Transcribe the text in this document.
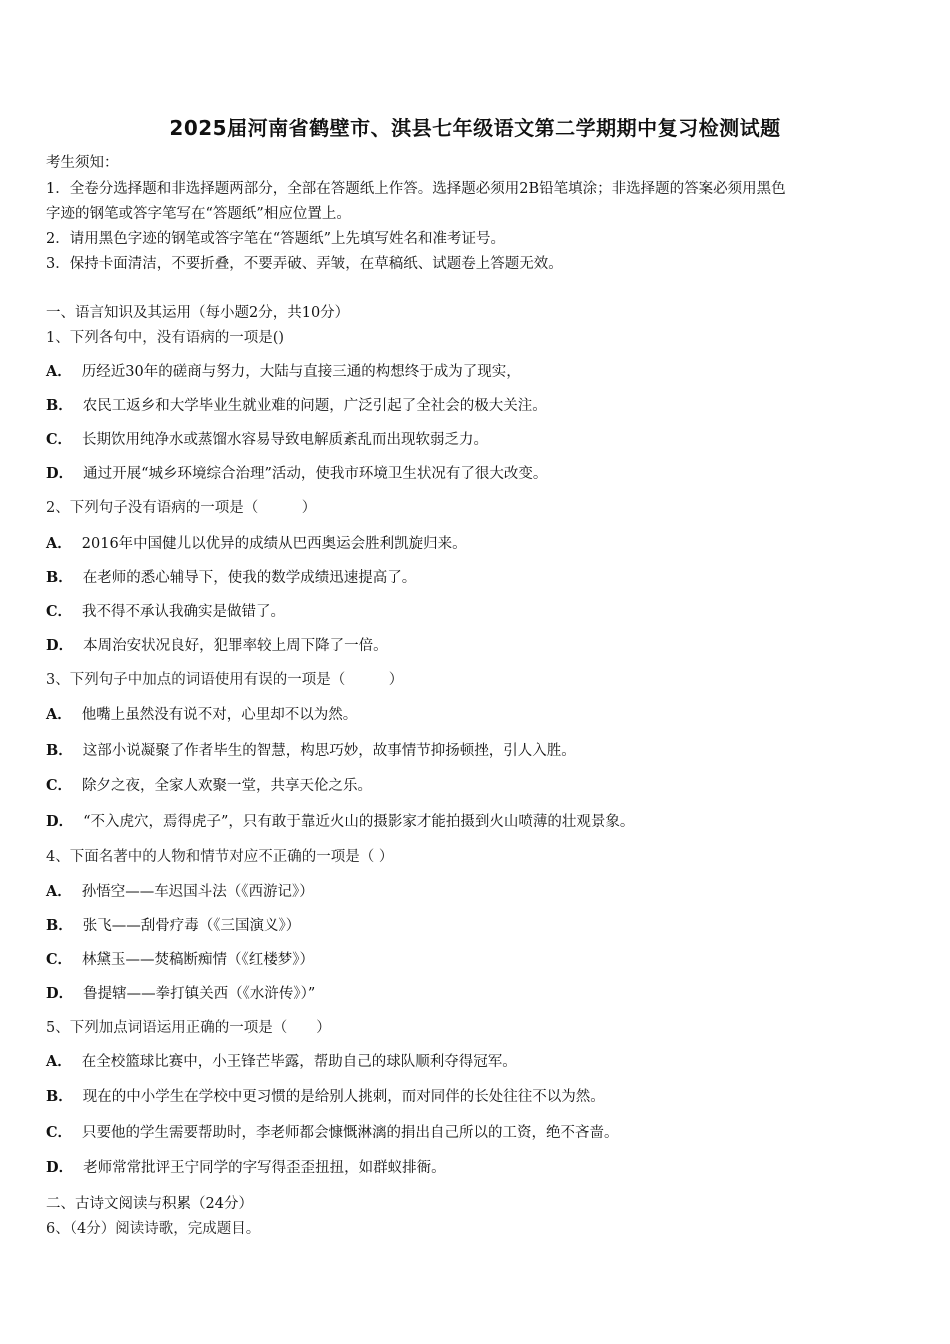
2025届河南省鹤壁市、淇县七年级语文第二学期期中复习检测试题
考生须知：
1．全卷分选择题和非选择题两部分，全部在答题纸上作答。选择题必须用2B铅笔填涂；非选择题的答案必须用黑色
字迹的钢笔或答字笔写在“答题纸”相应位置上。
2．请用黑色字迹的钢笔或答字笔在“答题纸”上先填写姓名和准考证号。
3．保持卡面清洁，不要折叠，不要弄破、弄皱，在草稿纸、试题卷上答题无效。
一、语言知识及其运用（每小题2分，共10分）
1、下列各句中，没有语病的一项是()
A． 历经近30年的磋商与努力，大陆与直接三通的构想终于成为了现实，
B． 农民工返乡和大学毕业生就业难的问题，广泛引起了全社会的极大关注。
C． 长期饮用纯净水或蒸馏水容易导致电解质紊乱而出现软弱乏力。
D． 通过开展“城乡环境综合治理”活动，使我市环境卫生状况有了很大改变。
2、下列句子没有语病的一项是（　　　）
A． 2016年中国健儿以优异的成绩从巴西奥运会胜利凯旋归来。
B． 在老师的悉心辅导下，使我的数学成绩迅速提高了。
C． 我不得不承认我确实是做错了。
D． 本周治安状况良好，犯罪率较上周下降了一倍。
3、下列句子中加点的词语使用有误的一项是（　　　）
A． 他嘴上虽然没有说不对，心里却不以为然。
B． 这部小说凝聚了作者毕生的智慧，构思巧妙，故事情节抑扬顿挫，引人入胜。
C． 除夕之夜，全家人欢聚一堂，共享天伦之乐。
D． “不入虎穴，焉得虎子”，只有敢于靠近火山的摄影家才能拍摄到火山喷薄的壮观景象。
4、下面名著中的人物和情节对应不正确的一项是（ ）
A． 孙悟空——车迟国斗法（《西游记》）
B． 张飞——刮骨疗毒（《三国演义》）
C． 林黛玉——焚稿断痴情（《红楼梦》）
D． 鲁提辖——拳打镇关西（《水浒传》）”
5、下列加点词语运用正确的一项是（　　）
A． 在全校篮球比赛中，小王锋芒毕露，帮助自己的球队顺利夺得冠军。
B． 现在的中小学生在学校中更习惯的是给别人挑刺，而对同伴的长处往往不以为然。
C． 只要他的学生需要帮助时，李老师都会慷慨淋漓的捐出自己所以的工资，绝不吝啬。
D． 老师常常批评王宁同学的字写得歪歪扭扭，如群蚁排衙。
二、古诗文阅读与积累（24分）
6、（4分）阅读诗歌，完成题目。
